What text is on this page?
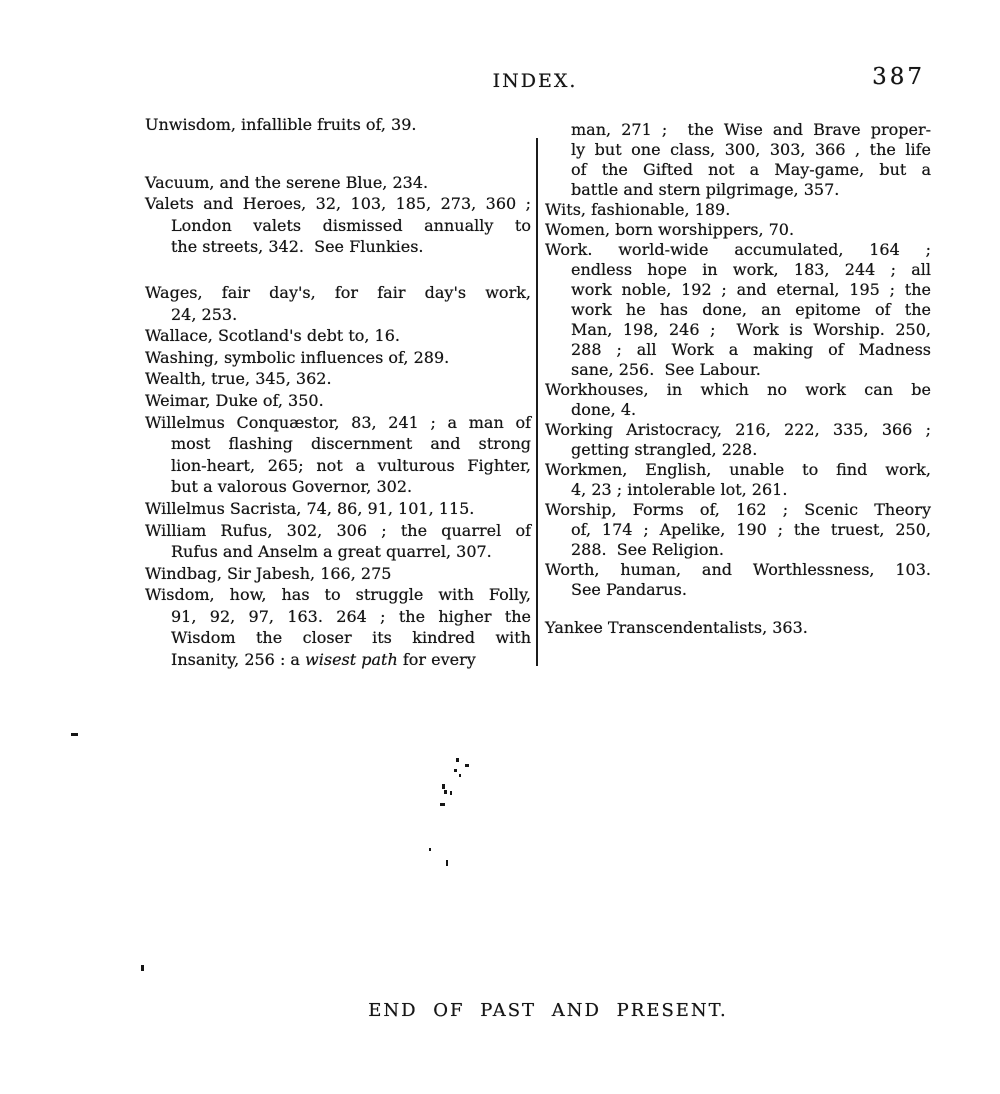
INDEX.	387
Unwisdom, infallible fruits of, 39.
Vacuum, and the serene Blue, 234.
Valets and Heroes, 32, 103, 185, 273, 360 ;
London valets dismissed annually to
the streets, 342.  See Flunkies.
Wages, fair day's, for fair day's work,
24, 253.
Wallace, Scotland's debt to, 16.
Washing, symbolic influences of, 289.
Wealth, true, 345, 362.
Weimar, Duke of, 350.
Willelmus Conquæstor, 83, 241 ; a man of
most flashing discernment and strong
lion-heart, 265; not a vulturous Fighter,
but a valorous Governor, 302.
Willelmus Sacrista, 74, 86, 91, 101, 115.
William Rufus, 302, 306 ; the quarrel of
Rufus and Anselm a great quarrel, 307.
Windbag, Sir Jabesh, 166, 275
Wisdom, how, has to struggle with Folly,
91, 92, 97, 163. 264 ; the higher the
Wisdom the closer its kindred with
Insanity, 256 : a wisest path for every
man, 271 ;  the Wise and Brave proper-
ly but one class, 300, 303, 366 , the life
of the Gifted not a May-game, but a
battle and stern pilgrimage, 357.
Wits, fashionable, 189.
Women, born worshippers, 70.
Work. world-wide accumulated, 164 ;
endless hope in work, 183, 244 ; all
work noble, 192 ; and eternal, 195 ; the
work he has done, an epitome of the
Man, 198, 246 ;  Work is Worship. 250,
288 ; all Work a making of Madness
sane, 256.  See Labour.
Workhouses, in which no work can be
done, 4.
Working Aristocracy, 216, 222, 335, 366 ;
getting strangled, 228.
Workmen, English, unable to find work,
4, 23 ; intolerable lot, 261.
Worship, Forms of, 162 ; Scenic Theory
of, 174 ; Apelike, 190 ; the truest, 250,
288.  See Religion.
Worth, human, and Worthlessness, 103.
See Pandarus.
Yankee Transcendentalists, 363.
END OF PAST AND PRESENT.
